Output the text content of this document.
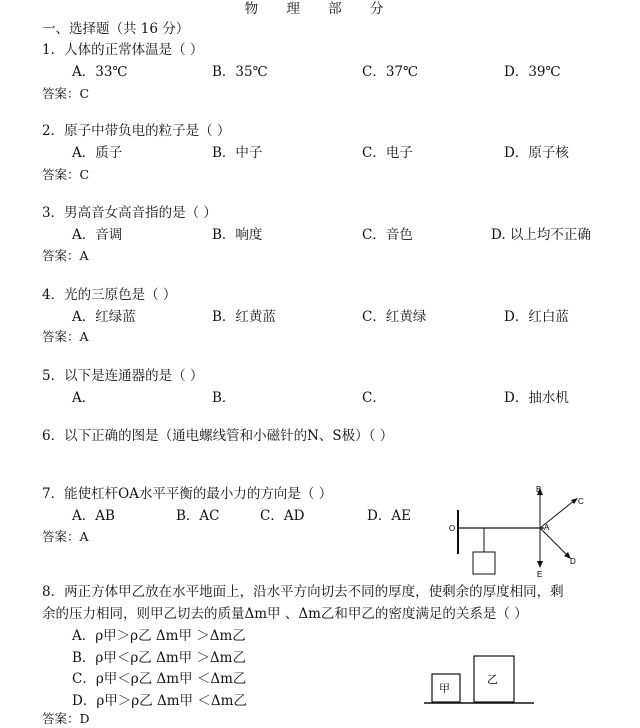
物 理 部 分
一、选择题（共 16 分）
1．人体的正常体温是（ ）
A．33℃	B．35℃	C．37℃	D．39℃
答案：C
2．原子中带负电的粒子是（ ）
A．质子	B．中子	C．电子	D．原子核
答案：C
3．男高音女高音指的是（ ）
A．音调	B．响度	C．音色	D. 以上均不正确
答案：A
4．光的三原色是（ ）
A．红绿蓝	B．红黄蓝	C．红黄绿	D．红白蓝
答案：A
5．以下是连通器的是（ ）
A．	B．	C．	D．抽水机
6．以下正确的图是（通电螺线管和小磁针的N、S极）（ ）
7．能使杠杆OA水平平衡的最小力的方向是（ ）
A．AB	B．AC	C．AD	D．AE
答案：A
B
C
O	A
D
E
8．两正方体甲乙放在水平地面上，沿水平方向切去不同的厚度，使剩余的厚度相同，剩
余的压力相同，则甲乙切去的质量Δm甲 、Δm乙和甲乙的密度满足的关系是（ ）
A．ρ甲＞ρ乙 Δm甲 ＞Δm乙
B．ρ甲＜ρ乙 Δm甲 ＞Δm乙
C．ρ甲＜ρ乙 Δm甲 ＜Δm乙
D．ρ甲＞ρ乙 Δm甲 ＜Δm乙
答案：D
甲
乙
